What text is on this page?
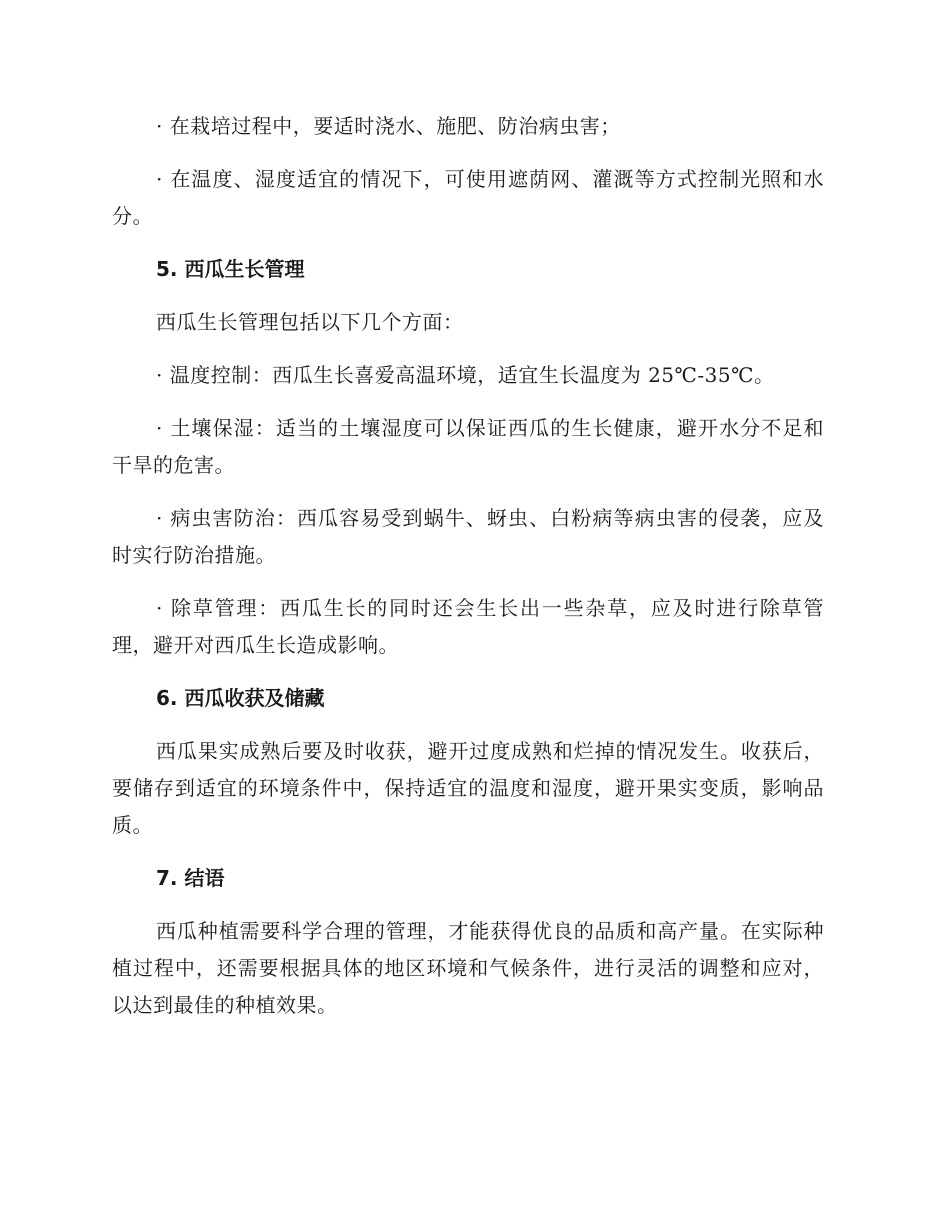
· 在栽培过程中，要适时浇水、施肥、防治病虫害；

· 在温度、湿度适宜的情况下，可使用遮荫网、灌溉等方式控制光照和水分。

5. 西瓜生长管理

西瓜生长管理包括以下几个方面：

· 温度控制：西瓜生长喜爱高温环境，适宜生长温度为 25℃-35℃。

· 土壤保湿：适当的土壤湿度可以保证西瓜的生长健康，避开水分不足和干旱的危害。

· 病虫害防治：西瓜容易受到蜗牛、蚜虫、白粉病等病虫害的侵袭，应及时实行防治措施。

· 除草管理：西瓜生长的同时还会生长出一些杂草，应及时进行除草管理，避开对西瓜生长造成影响。

6. 西瓜收获及储藏

西瓜果实成熟后要及时收获，避开过度成熟和烂掉的情况发生。收获后，要储存到适宜的环境条件中，保持适宜的温度和湿度，避开果实变质，影响品质。

7. 结语

西瓜种植需要科学合理的管理，才能获得优良的品质和高产量。在实际种植过程中，还需要根据具体的地区环境和气候条件，进行灵活的调整和应对，以达到最佳的种植效果。
